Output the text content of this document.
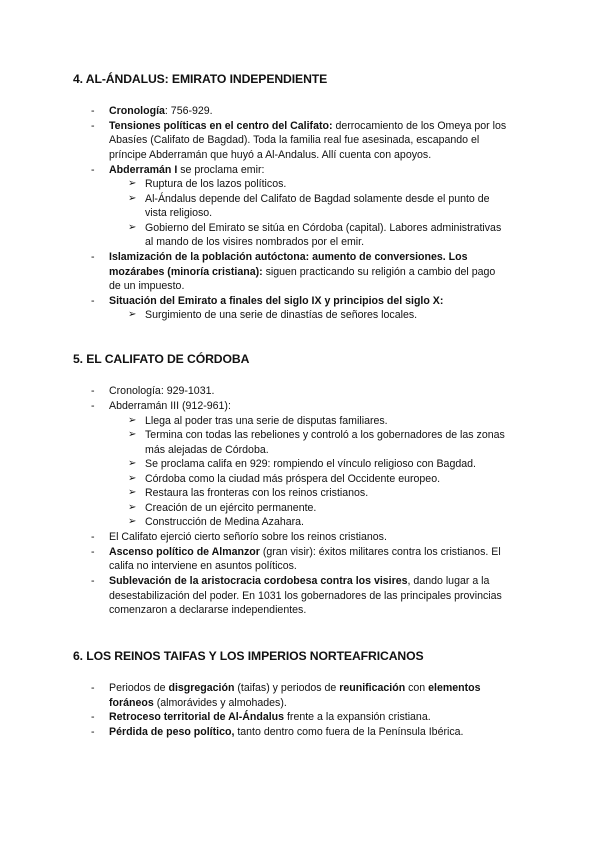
4. AL-ÁNDALUS: EMIRATO INDEPENDIENTE
- Cronología: 756-929.
- Tensiones políticas en el centro del Califato: derrocamiento de los Omeya por los
Abasíes (Califato de Bagdad). Toda la familia real fue asesinada, escapando el
príncipe Abderramán que huyó a Al-Andalus. Allí cuenta con apoyos.
- Abderramán I se proclama emir:
➢ Ruptura de los lazos políticos.
➢ Al-Ándalus depende del Califato de Bagdad solamente desde el punto de
vista religioso.
➢ Gobierno del Emirato se sitúa en Córdoba (capital). Labores administrativas
al mando de los visires nombrados por el emir.
- Islamización de la población autóctona: aumento de conversiones. Los
mozárabes (minoría cristiana): siguen practicando su religión a cambio del pago
de un impuesto.
- Situación del Emirato a finales del siglo IX y principios del siglo X:
➢ Surgimiento de una serie de dinastías de señores locales.
5. EL CALIFATO DE CÓRDOBA
- Cronología: 929-1031.
- Abderramán III (912-961):
➢ Llega al poder tras una serie de disputas familiares.
➢ Termina con todas las rebeliones y controló a los gobernadores de las zonas
más alejadas de Córdoba.
➢ Se proclama califa en 929: rompiendo el vínculo religioso con Bagdad.
➢ Córdoba como la ciudad más próspera del Occidente europeo.
➢ Restaura las fronteras con los reinos cristianos.
➢ Creación de un ejército permanente.
➢ Construcción de Medina Azahara.
- El Califato ejerció cierto señorío sobre los reinos cristianos.
- Ascenso político de Almanzor (gran visir): éxitos militares contra los cristianos. El
califa no interviene en asuntos políticos.
- Sublevación de la aristocracia cordobesa contra los visires, dando lugar a la
desestabilización del poder. En 1031 los gobernadores de las principales provincias
comenzaron a declararse independientes.
6. LOS REINOS TAIFAS Y LOS IMPERIOS NORTEAFRICANOS
- Periodos de disgregación (taifas) y periodos de reunificación con elementos
foráneos (almorávides y almohades).
- Retroceso territorial de Al-Ándalus frente a la expansión cristiana.
- Pérdida de peso político, tanto dentro como fuera de la Península Ibérica.
